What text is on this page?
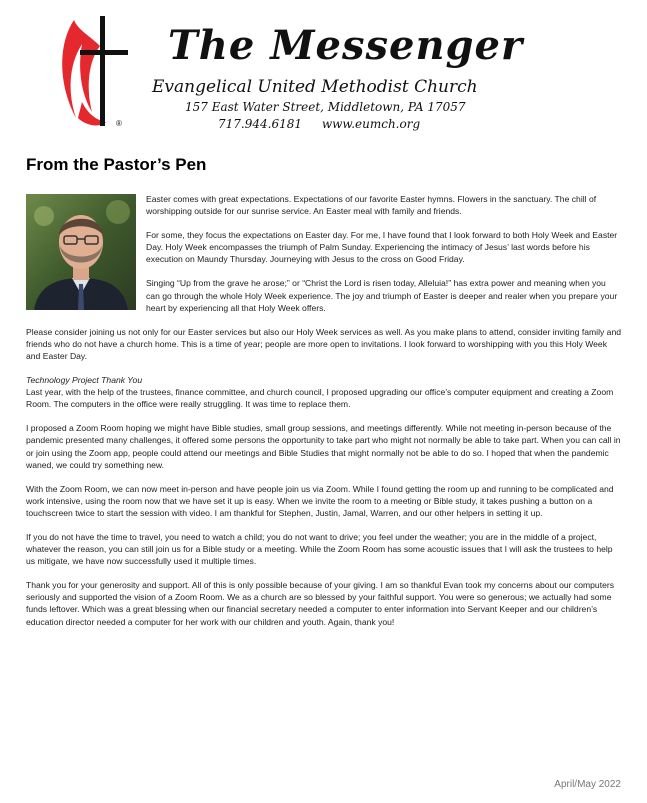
®
The Messenger
Evangelical United Methodist Church
157 East Water Street, Middletown, PA 17057
717.944.6181 www.eumch.org
From the Pastor’s Pen

Easter comes with great expectations. Expectations of our favorite Easter hymns. Flowers in the sanctuary. The chill of worshipping outside for our sunrise service. An Easter meal with family and friends.

For some, they focus the expectations on Easter day. For me, I have found that I look forward to both Holy Week and Easter Day. Holy Week encompasses the triumph of Palm Sunday. Experiencing the intimacy of Jesus’ last words before his execution on Maundy Thursday. Journeying with Jesus to the cross on Good Friday.

Singing “Up from the grave he arose;” or “Christ the Lord is risen today, Alleluia!” has extra power and meaning when you can go through the whole Holy Week experience. The joy and triumph of Easter is deeper and realer when you prepare your heart by experiencing all that Holy Week offers.

Please consider joining us not only for our Easter services but also our Holy Week services as well. As you make plans to attend, consider inviting family and friends who do not have a church home. This is a time of year; people are more open to invitations. I look forward to worshipping with you this Holy Week and Easter Day.

Technology Project Thank You

Last year, with the help of the trustees, finance committee, and church council, I proposed upgrading our office’s computer equipment and creating a Zoom Room. The computers in the office were really struggling. It was time to replace them.

I proposed a Zoom Room hoping we might have Bible studies, small group sessions, and meetings differently. While not meeting in-person because of the pandemic presented many challenges, it offered some persons the opportunity to take part who might not normally be able to take part. When you can call in or join using the Zoom app, people could attend our meetings and Bible Studies that might normally not be able to do so. I hoped that when the pandemic waned, we could try something new.

With the Zoom Room, we can now meet in-person and have people join us via Zoom. While I found getting the room up and running to be complicated and work intensive, using the room now that we have set it up is easy. When we invite the room to a meeting or Bible study, it takes pushing a button on a touchscreen twice to start the session with video. I am thankful for Stephen, Justin, Jamal, Warren, and our other helpers in setting it up.

If you do not have the time to travel, you need to watch a child; you do not want to drive; you feel under the weather; you are in the middle of a project, whatever the reason, you can still join us for a Bible study or a meeting. While the Zoom Room has some acoustic issues that I will ask the trustees to help us mitigate, we have now successfully used it multiple times.

Thank you for your generosity and support. All of this is only possible because of your giving. I am so thankful Evan took my concerns about our computers seriously and supported the vision of a Zoom Room. We as a church are so blessed by your faithful support. You were so generous; we actually had some funds leftover. Which was a great blessing when our financial secretary needed a computer to enter information into Servant Keeper and our children’s education director needed a computer for her work with our children and youth. Again, thank you!

April/May 2022
